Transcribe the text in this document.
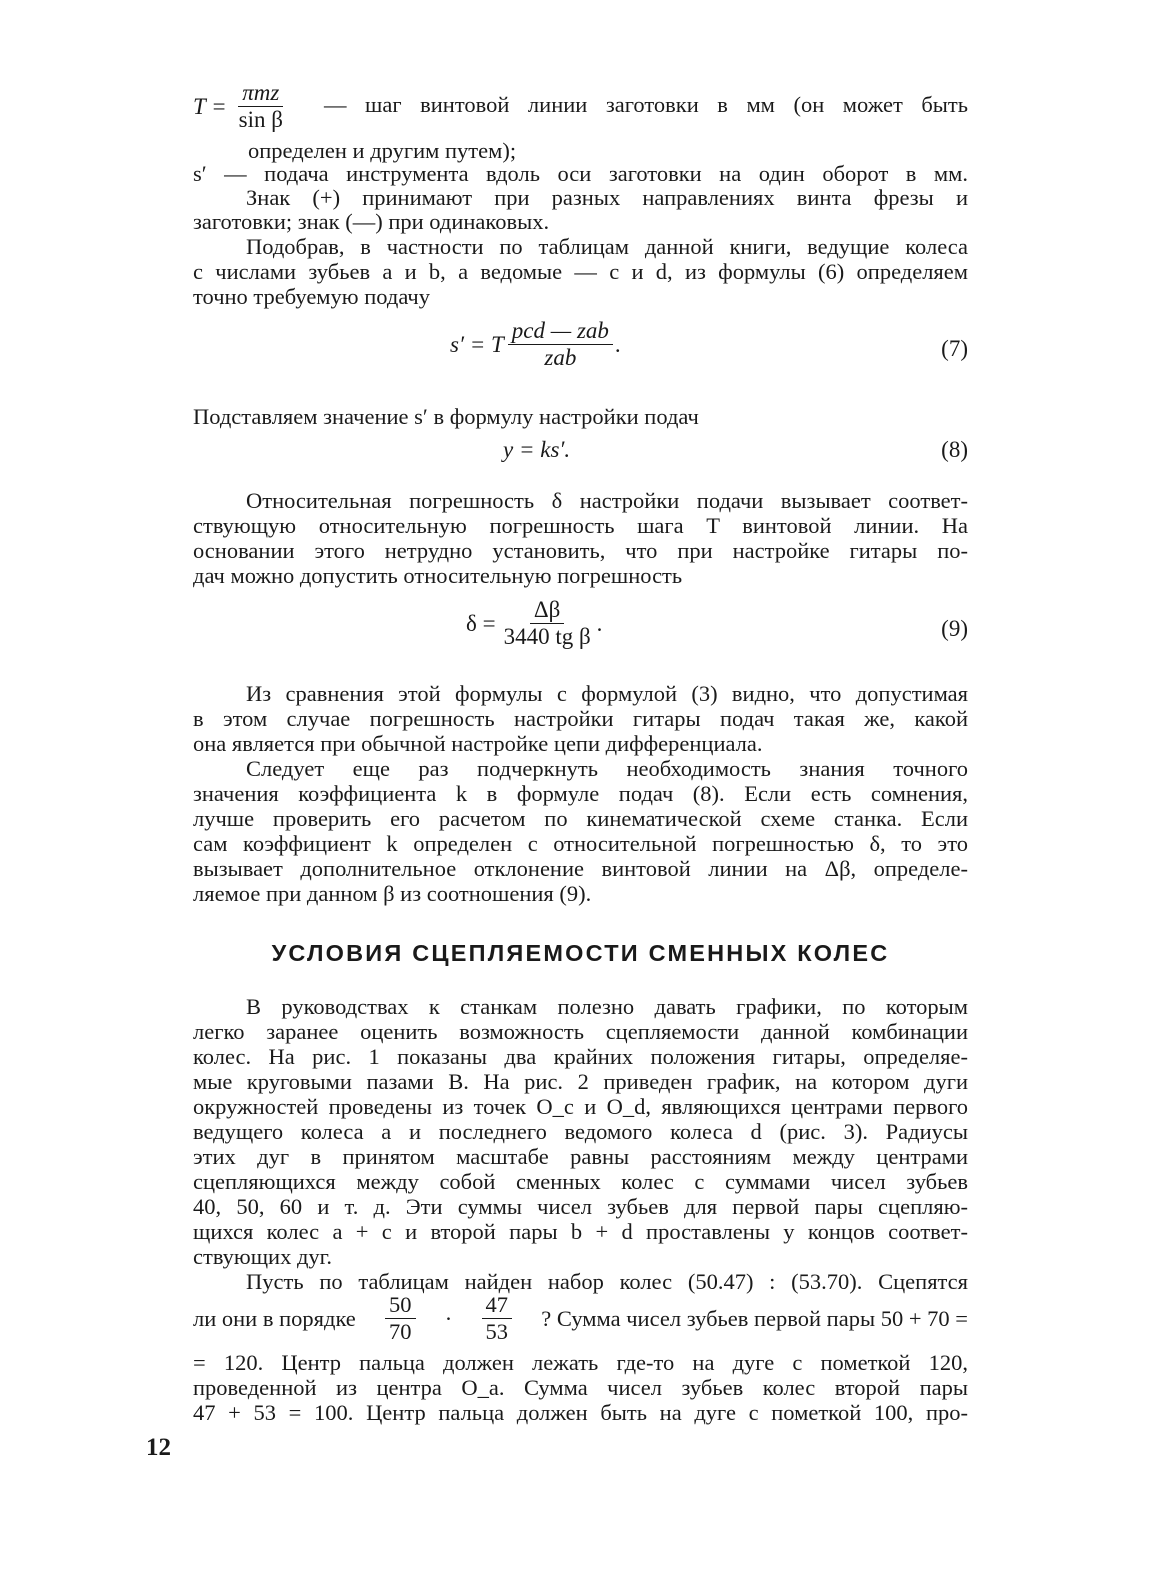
$T = \frac{\text{πmz}}{\text{sin β}}$ — шаг винтовой линии заготовки в мм (он может быть
определен и другим путем);
s′ — подача инструмента вдоль оси заготовки на один оборот в мм.
Знак (+) принимают при разных направлениях винта фрезы и
заготовки; знак (—) при одинаковых.
Подобрав, в частности по таблицам данной книги, ведущие колеса
с числами зубьев a и b, а ведомые — c и d, из формулы (6) определяем
точно требуемую подачу
s′ = T $\frac{\text{pcd — zab}}{\text{zab}}$ .	(7)
Подставляем значение s′ в формулу настройки подач
y = ks′.	(8)
Относительная погрешность δ настройки подачи вызывает соответ-
ствующую относительную погрешность шага T винтовой линии. На
основании этого нетрудно установить, что при настройке гитары по-
дач можно допустить относительную погрешность
$\delta = \frac{\Delta\beta}{\text{3440 tg β}}$ .	(9)
Из сравнения этой формулы с формулой (3) видно, что допустимая
в этом случае погрешность настройки гитары подач такая же, какой
она является при обычной настройке цепи дифференциала.
Следует еще раз подчеркнуть необходимость знания точного
значения коэффициента k в формуле подач (8). Если есть сомнения,
лучше проверить его расчетом по кинематической схеме станка. Если
сам коэффициент k определен с относительной погрешностью δ, то это
вызывает дополнительное отклонение винтовой линии на Δβ, определе-
ляемое при данном β из соотношения (9).
УСЛОВИЯ СЦЕПЛЯЕМОСТИ СМЕННЫХ КОЛЕС
В руководствах к станкам полезно давать графики, по которым
легко заранее оценить возможность сцепляемости данной комбинации
колес. На рис. 1 показаны два крайних положения гитары, определяе-
мые круговыми пазами B. На рис. 2 приведен график, на котором дуги
окружностей проведены из точек O_c и O_d, являющихся центрами первого
ведущего колеса a и последнего ведомого колеса d (рис. 3). Радиусы
этих дуг в принятом масштабе равны расстояниям между центрами
сцепляющихся между собой сменных колес с суммами чисел зубьев
40, 50, 60 и т. д. Эти суммы чисел зубьев для первой пары сцепляю-
щихся колес a + c и второй пары b + d проставлены у концов соответ-
ствующих дуг.
Пусть по таблицам найден набор колес (50.47) : (53.70). Сцепятся
ли они в порядке $\frac{50}{70} \cdot \frac{47}{53}$ ? Сумма чисел зубьев первой пары 50 + 70 =
= 120. Центр пальца должен лежать где-то на дуге с пометкой 120,
проведенной из центра O_a. Сумма чисел зубьев колес второй пары
47 + 53 = 100. Центр пальца должен быть на дуге с пометкой 100, про-
12
